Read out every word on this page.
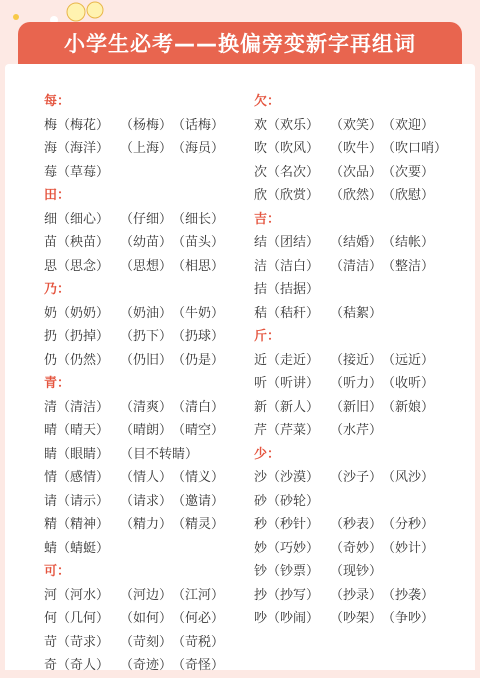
小学生必考——换偏旁变新字再组词
每：
梅（梅花） （杨梅） （话梅）
海（海洋） （上海） （海员）
莓（草莓）
田：
细（细心） （仔细） （细长）
苗（秧苗） （幼苗） （苗头）
思（思念） （思想） （相思）
乃：
奶（奶奶） （奶油） （牛奶）
扔（扔掉） （扔下） （扔球）
仍（仍然） （仍旧） （仍是）
青：
清（清洁） （清爽） （清白）
晴（晴天） （晴朗） （晴空）
睛（眼睛） （目不转睛）
情（感情） （情人） （情义）
请（请示） （请求） （邀请）
精（精神） （精力） （精灵）
蜻（蜻蜓）
可：
河（河水） （河边） （江河）
何（几何） （如何） （何必）
苛（苛求） （苛刻） （苛税）
奇（奇人） （奇迹） （奇怪）
欠：
欢（欢乐） （欢笑） （欢迎）
吹（吹风） （吹牛） （吹口哨）
次（名次） （次品） （次要）
欣（欣赏） （欣然） （欣慰）
吉：
结（团结） （结婚） （结帐）
洁（洁白） （清洁） （整洁）
拮（拮据）
秸（秸秆） （秸絮）
斤：
近（走近） （接近） （远近）
听（听讲） （听力） （收听）
新（新人） （新旧） （新娘）
芹（芹菜） （水芹）
少：
沙（沙漠） （沙子） （风沙）
砂（砂轮）
秒（秒针） （秒表） （分秒）
妙（巧妙） （奇妙） （妙计）
钞（钞票） （现钞）
抄（抄写） （抄录） （抄袭）
吵（吵闹） （吵架） （争吵）
